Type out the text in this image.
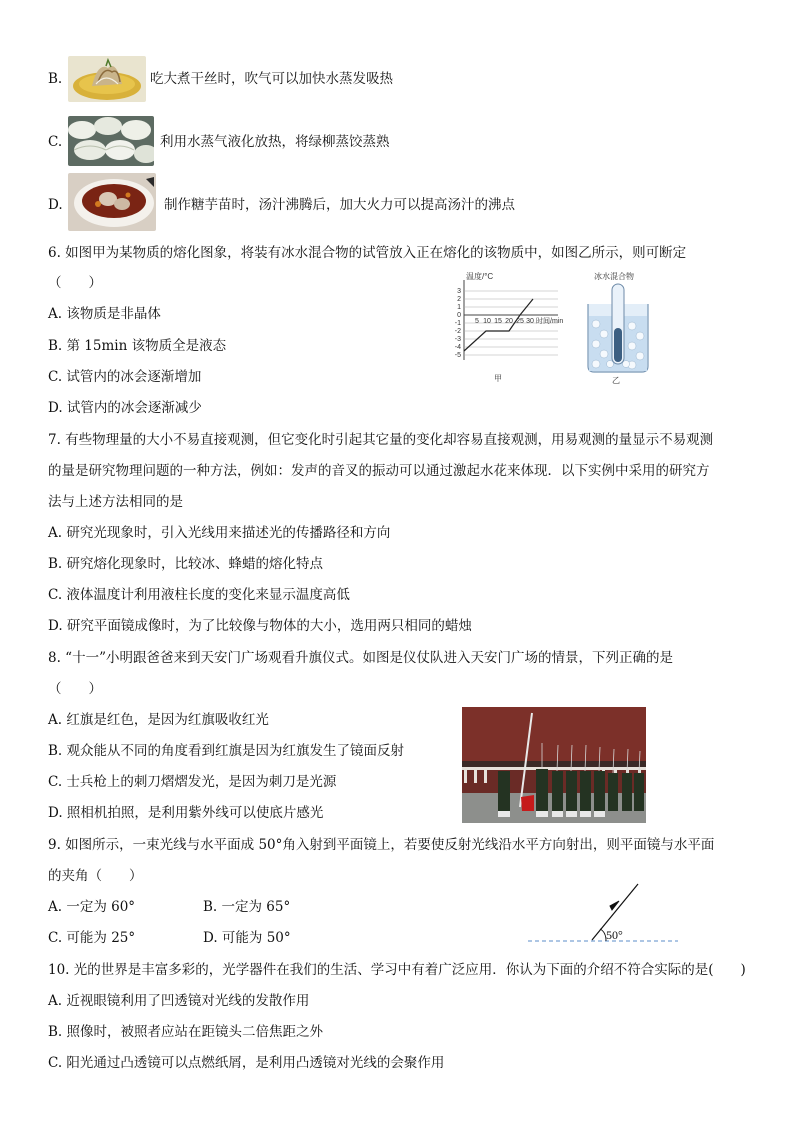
B.	吃大煮干丝时，吹气可以加快水蒸发吸热
C.	利用水蒸气液化放热，将绿柳蒸饺蒸熟
D.	制作糖芋苗时，汤汁沸腾后，加大火力可以提高汤汁的沸点
6. 如图甲为某物质的熔化图象，将装有冰水混合物的试管放入正在熔化的该物质中，如图乙所示，则可断定
（　　）
A. 该物质是非晶体
B. 第 15min 该物质全是液态
C. 试管内的冰会逐渐增加
D. 试管内的冰会逐渐减少
温度/°C
3
2
1
0
-1
-2
-3
-4
-5
5 10 15 20 25 30 时间/min
甲
冰水混合物
乙
7. 有些物理量的大小不易直接观测，但它变化时引起其它量的变化却容易直接观测，用易观测的量显示不易观测
的量是研究物理问题的一种方法，例如：发声的音叉的振动可以通过激起水花来体现．以下实例中采用的研究方
法与上述方法相同的是
A. 研究光现象时，引入光线用来描述光的传播路径和方向
B. 研究熔化现象时，比较冰、蜂蜡的熔化特点
C. 液体温度计利用液柱长度的变化来显示温度高低
D. 研究平面镜成像时，为了比较像与物体的大小，选用两只相同的蜡烛
8. “十一”小明跟爸爸来到天安门广场观看升旗仪式。如图是仪仗队进入天安门广场的情景，下列正确的是
（　　）
A. 红旗是红色，是因为红旗吸收红光
B. 观众能从不同的角度看到红旗是因为红旗发生了镜面反射
C. 士兵枪上的刺刀熠熠发光，是因为刺刀是光源
D. 照相机拍照，是利用紫外线可以使底片感光
9. 如图所示，一束光线与水平面成 50°角入射到平面镜上，若要使反射光线沿水平方向射出，则平面镜与水平面
的夹角（　　）
A. 一定为 60°	B. 一定为 65°
C. 可能为 25°	D. 可能为 50°	50°
10. 光的世界是丰富多彩的，光学器件在我们的生活、学习中有着广泛应用．你认为下面的介绍不符合实际的是(　　)
A. 近视眼镜利用了凹透镜对光线的发散作用
B. 照像时，被照者应站在距镜头二倍焦距之外
C. 阳光通过凸透镜可以点燃纸屑，是利用凸透镜对光线的会聚作用
